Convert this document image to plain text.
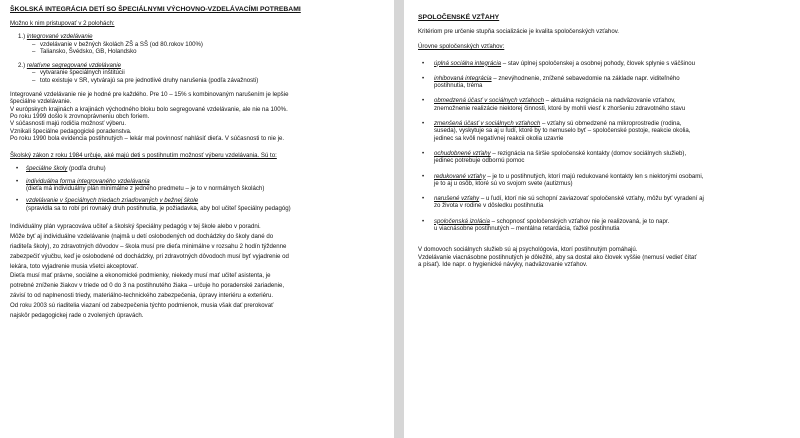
ŠKOLSKÁ INTEGRÁCIA DETÍ SO ŠPECIÁLNYMI VÝCHOVNO-VZDELÁVACÍMI POTREBAMI
Možno k nim pristupovať v 2 polohách:
1.) integrované vzdelávanie
– vzdelávanie v bežných školách ZŠ a SŠ (od 80.rokov 100%)
– Taliansko, Švédsko, GB, Holandsko
2.) relatívne segregované vzdelávanie
– vytvaranie špeciálnych inštitúcii
– toto existuje v SR, vytvárajú sa pre jednotlivé druhy narušenia (podľa závažnosti)
Integrované vzdelávanie nie je hodné pre každého. Pre 10 – 15% s kombinovaným narušením je lepšie
špeciálne vzdelávanie.
V európskych krajinách a krajinách východného bloku bolo segregované vzdelávanie, ale nie na 100%.
Po roku 1999 došlo k zrovnoprávneniu obch foriem.
V súčasnosti majú rodičia možnosť výberu.
Vznikali špeciálne pedagogické poradenstva.
Po roku 1990 bola evidencia postihnutých – lekár mal povinnosť nahlásiť dieťa. V súčasnosti to nie je.
Školský zákon z roku 1984 určuje, aké majú deti s postihnutím možnosť výberu vzdelávania. Sú to:
•	špeciálne školy (podľa druhu)
•	individuálna forma integrovaného vzdelávania
(dieťa má individuálny plán minimálne z jedného predmetu – je to v normálnych školách)
•	vzdelávanie v špeciálnych triedach zriaďovaných v bežnej škole
(spravidla sa to robí pri rovnaký druh postihnutia, je požiadavka, aby bol učiteľ špeciálny pedagóg)
Individuálny plán vypracováva učiteľ a školský špeciálny pedagóg v tej škole alebo v poradni.
Môže byť aj individuálne vzdelávanie (najmä u detí oslobodených od dochádzky do školy dané do
riaditeľa školy), zo zdravotných dôvodov – škola musí pre dieťa minimálne v rozsahu 2 hodín týždenne
zabezpečiť výučbu, keď je oslobodené od dochádzky, pri zdravotných dôvodoch musí byť vyjadrenie od
lekára, toto vyjadrenie musia všetci akceptovať.
Dieťa musí mať právne, sociálne a ekonomické podmienky, niekedy musí mať učiteľ asistenta, je
potrebné zníženie žiakov v triede od 0 do 3 na postihnutého žiaka – určuje ho poradenské zariadenie,
závisí to od naplnenosti triedy, materiálno-technického zabezpečenia, úpravy interiéru a exteriéru.
Od roku 2003 sú riaditelia viazaní od zabezpečenia týchto podmienok, musia však dať prerokovať
najskôr pedagogickej rade o zvolených úpravách.
SPOLOČENSKÉ VZŤAHY
Kritériom pre určenie stupňa socializácie je kvalita spoločenských vzťahov.
Úrovne spoločenských vzťahov:
•	úplná sociálna integrácia – stav úplnej spoločenskej a osobnej pohody, človek splynie s väčšinou
•	inhibovaná integrácia – znevýhodnenie, znížené sebavedomie na základe napr. viditeľného
postihnutia, tréma
•	obmedzená účasť v sociálnych vzťahoch – aktuálna rezignácia na nadväzovanie vzťahov,
znemožnenie realizácie niektorej činnosti, ktoré by mohli viesť k zhoršeniu zdravotného stavu
•	zmenšená účasť v sociálnych vzťahoch – vzťahy sú obmedzené na mikroprostredie (rodina,
suseda), vyskytuje sa aj u ľudí, ktoré by to nemuselo byť – spoločenské postoje, reakcie okolia,
jedinec sa kvôli negatívnej reakcii okolia uzavrie
•	ochudobnené vzťahy – rezignácia na širšie spoločenské kontakty (domov sociálnych služieb),
jedinec potrebuje odbornú pomoc
•	redukované vzťahy – je to u postihnutých, ktorí majú redukované kontakty len s niektorými osobami,
je to aj u osôb, ktoré sú vo svojom svete (autizmus)
•	narušené vzťahy – u ľudí, ktorí nie sú schopní zaviazovať spoločenské vzťahy, môžu byť vyradení aj
zo života v rodine v dôsledku postihnutia
•	spoločenská izolácia – schopnosť spoločenských vzťahov nie je realizovaná, je to napr.
u viacnásobne postihnutých – mentálna retardácia, ťažké postihnutia
V domovoch sociálnych služieb sú aj psychológovia, ktorí postihnutým pomáhajú.
Vzdelávanie viacnásobne postihnutých je dôležité, aby sa dostal ako človek vyššie (nemusí vedieť čítať
a písať). Ide napr. o hygienické návyky, nadväzovanie vzťahov.
